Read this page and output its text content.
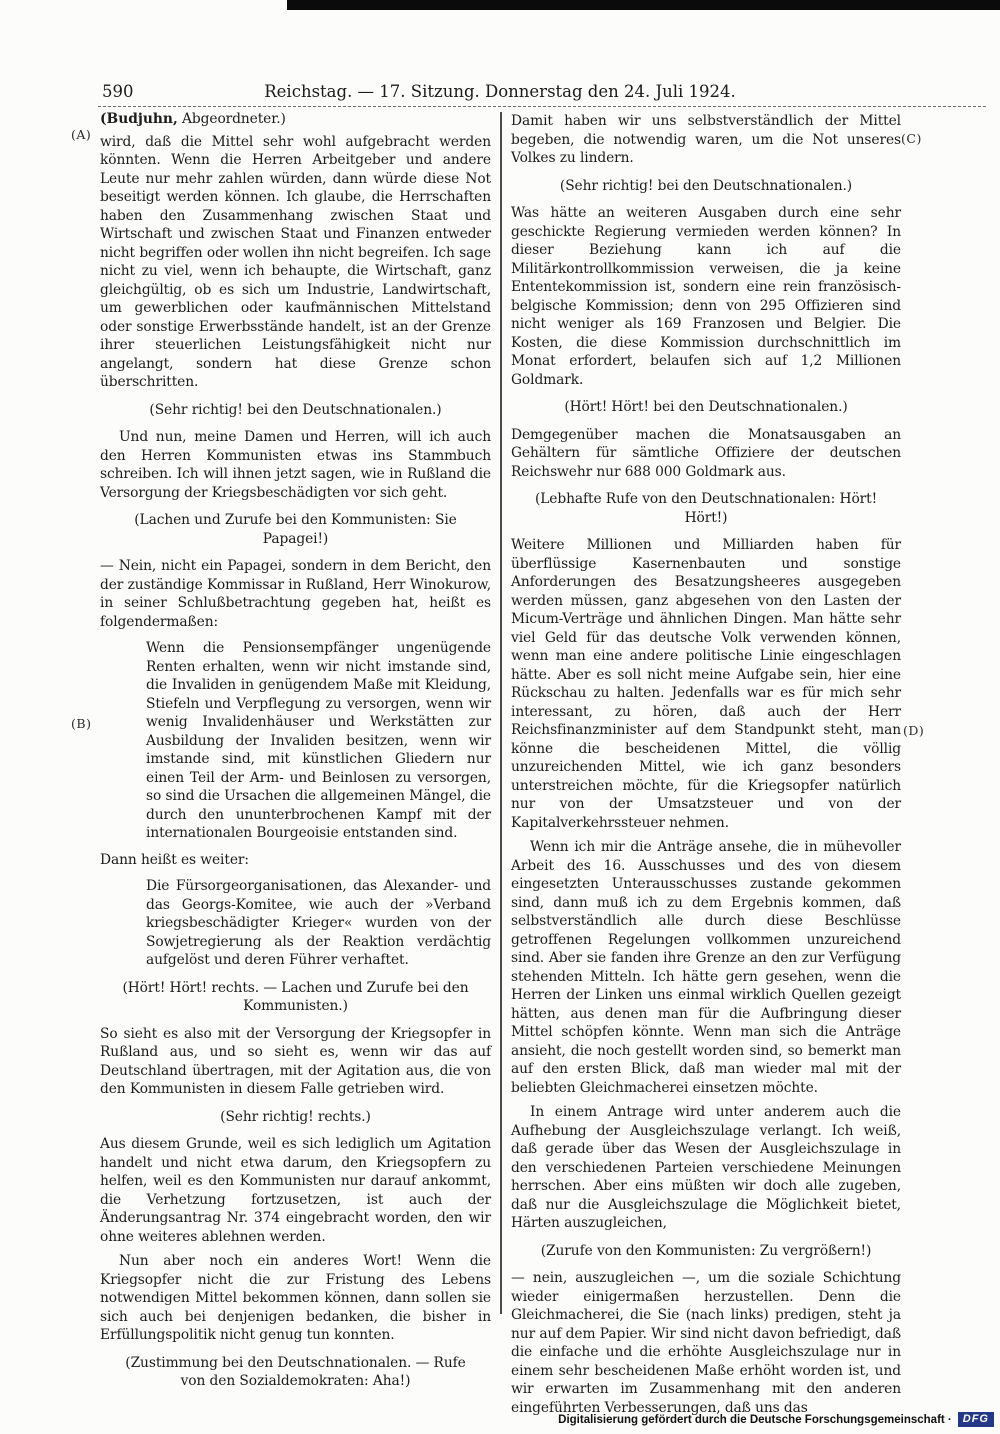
590	Reichstag. — 17. Sitzung. Donnerstag den 24. Juli 1924.
(A)
(B)
(C)
(D)

(Budjuhn, Abgeordneter.)

wird, daß die Mittel sehr wohl aufgebracht werden könnten. Wenn die Herren Arbeitgeber und andere Leute nur mehr zahlen würden, dann würde diese Not beseitigt werden können. Ich glaube, die Herrschaften haben den Zusammenhang zwischen Staat und Wirtschaft und zwischen Staat und Finanzen entweder nicht begriffen oder wollen ihn nicht begreifen. Ich sage nicht zu viel, wenn ich behaupte, die Wirtschaft, ganz gleichgültig, ob es sich um Industrie, Landwirtschaft, um gewerblichen oder kaufmännischen Mittelstand oder sonstige Erwerbsstände handelt, ist an der Grenze ihrer steuerlichen Leistungsfähigkeit nicht nur angelangt, sondern hat diese Grenze schon überschritten.
(Sehr richtig! bei den Deutschnationalen.)
Und nun, meine Damen und Herren, will ich auch den Herren Kommunisten etwas ins Stammbuch schreiben. Ich will ihnen jetzt sagen, wie in Rußland die Versorgung der Kriegsbeschädigten vor sich geht.
(Lachen und Zurufe bei den Kommunisten: Sie Papagei!)
— Nein, nicht ein Papagei, sondern in dem Bericht, den der zuständige Kommissar in Rußland, Herr Winokurow, in seiner Schlußbetrachtung gegeben hat, heißt es folgendermaßen:
Wenn die Pensionsempfänger ungenügende Renten erhalten, wenn wir nicht imstande sind, die Invaliden in genügendem Maße mit Kleidung, Stiefeln und Verpflegung zu versorgen, wenn wir wenig Invalidenhäuser und Werkstätten zur Ausbildung der Invaliden besitzen, wenn wir imstande sind, mit künstlichen Gliedern nur einen Teil der Arm- und Beinlosen zu versorgen, so sind die Ursachen die allgemeinen Mängel, die durch den ununterbrochenen Kampf mit der internationalen Bourgeoisie entstanden sind.
Dann heißt es weiter:
Die Fürsorgeorganisationen, das Alexander- und das Georgs-Komitee, wie auch der »Verband kriegsbeschädigter Krieger« wurden von der Sowjetregierung als der Reaktion verdächtig aufgelöst und deren Führer verhaftet.
(Hört! Hört! rechts. — Lachen und Zurufe bei den Kommunisten.)
So sieht es also mit der Versorgung der Kriegsopfer in Rußland aus, und so sieht es, wenn wir das auf Deutschland übertragen, mit der Agitation aus, die von den Kommunisten in diesem Falle getrieben wird.
(Sehr richtig! rechts.)
Aus diesem Grunde, weil es sich lediglich um Agitation handelt und nicht etwa darum, den Kriegsopfern zu helfen, weil es den Kommunisten nur darauf ankommt, die Verhetzung fortzusetzen, ist auch der Änderungsantrag Nr. 374 eingebracht worden, den wir ohne weiteres ablehnen werden.
Nun aber noch ein anderes Wort! Wenn die Kriegsopfer nicht die zur Fristung des Lebens notwendigen Mittel bekommen können, dann sollen sie sich auch bei denjenigen bedanken, die bisher in Erfüllungspolitik nicht genug tun konnten.
(Zustimmung bei den Deutschnationalen. — Rufe von den Sozialdemokraten: Aha!)
Damit haben wir uns selbstverständlich der Mittel begeben, die notwendig waren, um die Not unseres Volkes zu lindern.
(Sehr richtig! bei den Deutschnationalen.)
Was hätte an weiteren Ausgaben durch eine sehr geschickte Regierung vermieden werden können? In dieser Beziehung kann ich auf die Militärkontrollkommission verweisen, die ja keine Ententekommission ist, sondern eine rein französisch-belgische Kommission; denn von 295 Offizieren sind nicht weniger als 169 Franzosen und Belgier. Die Kosten, die diese Kommission durchschnittlich im Monat erfordert, belaufen sich auf 1,2 Millionen Goldmark.
(Hört! Hört! bei den Deutschnationalen.)
Demgegenüber machen die Monatsausgaben an Gehältern für sämtliche Offiziere der deutschen Reichswehr nur 688 000 Goldmark aus.
(Lebhafte Rufe von den Deutschnationalen: Hört! Hört!)
Weitere Millionen und Milliarden haben für überflüssige Kasernenbauten und sonstige Anforderungen des Besatzungsheeres ausgegeben werden müssen, ganz abgesehen von den Lasten der Micum-Verträge und ähnlichen Dingen. Man hätte sehr viel Geld für das deutsche Volk verwenden können, wenn man eine andere politische Linie eingeschlagen hätte. Aber es soll nicht meine Aufgabe sein, hier eine Rückschau zu halten. Jedenfalls war es für mich sehr interessant, zu hören, daß auch der Herr Reichsfinanzminister auf dem Standpunkt steht, man könne die bescheidenen Mittel, die völlig unzureichenden Mittel, wie ich ganz besonders unterstreichen möchte, für die Kriegsopfer natürlich nur von der Umsatzsteuer und von der Kapitalverkehrssteuer nehmen.
Wenn ich mir die Anträge ansehe, die in mühevoller Arbeit des 16. Ausschusses und des von diesem eingesetzten Unterausschusses zustande gekommen sind, dann muß ich zu dem Ergebnis kommen, daß selbstverständlich alle durch diese Beschlüsse getroffenen Regelungen vollkommen unzureichend sind. Aber sie fanden ihre Grenze an den zur Verfügung stehenden Mitteln. Ich hätte gern gesehen, wenn die Herren der Linken uns einmal wirklich Quellen gezeigt hätten, aus denen man für die Aufbringung dieser Mittel schöpfen könnte. Wenn man sich die Anträge ansieht, die noch gestellt worden sind, so bemerkt man auf den ersten Blick, daß man wieder mal mit der beliebten Gleichmacherei einsetzen möchte.
In einem Antrage wird unter anderem auch die Aufhebung der Ausgleichszulage verlangt. Ich weiß, daß gerade über das Wesen der Ausgleichszulage in den verschiedenen Parteien verschiedene Meinungen herrschen. Aber eins müßten wir doch alle zugeben, daß nur die Ausgleichszulage die Möglichkeit bietet, Härten auszugleichen,
(Zurufe von den Kommunisten: Zu vergrößern!)
— nein, auszugleichen —, um die soziale Schichtung wieder einigermaßen herzustellen. Denn die Gleichmacherei, die Sie (nach links) predigen, steht ja nur auf dem Papier. Wir sind nicht davon befriedigt, daß die einfache und die erhöhte Ausgleichszulage nur in einem sehr bescheidenen Maße erhöht worden ist, und wir erwarten im Zusammenhang mit den anderen eingeführten Verbesserungen, daß uns das
Digitalisierung gefördert durch die Deutsche Forschungsgemeinschaft ·	DFG
